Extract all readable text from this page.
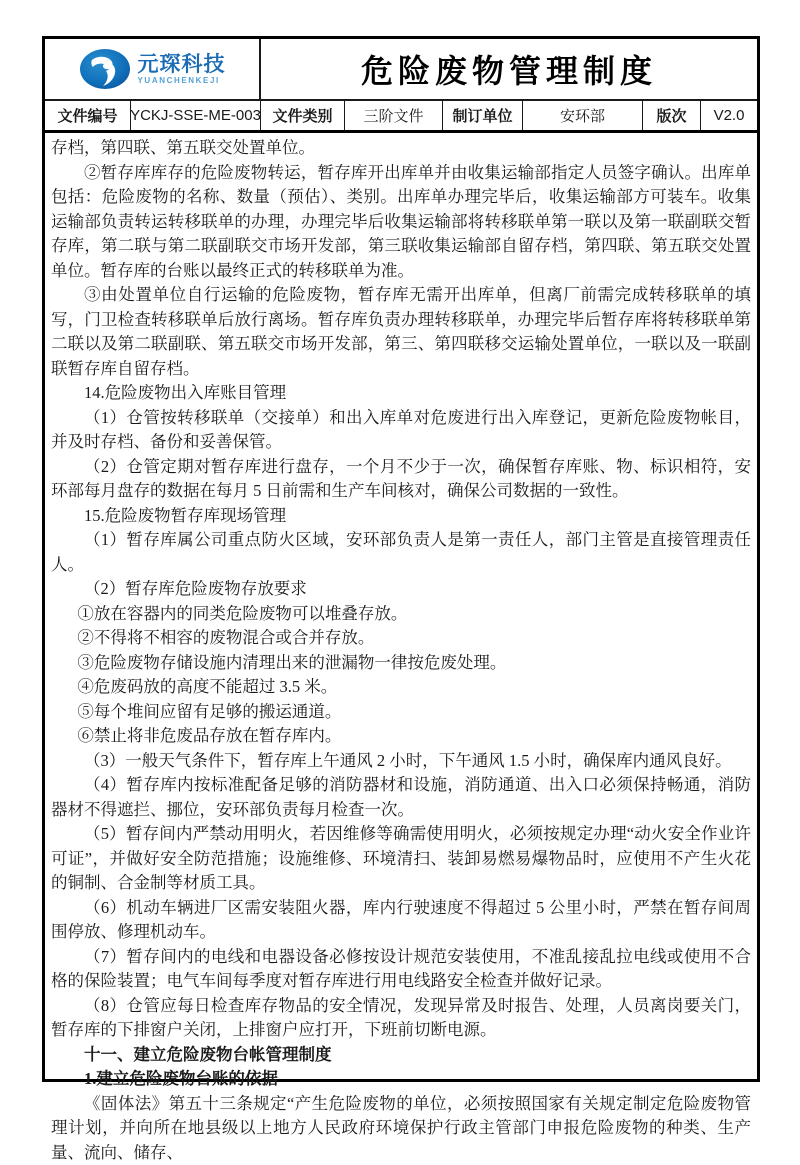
元琛科技
YUANCHENKEJI	危险废物管理制度
文件编号 YCKJ-SSE-ME-003 文件类别	三阶文件	制订单位	安环部	版次	V2.0

存档，第四联、第五联交处置单位。

②暂存库库存的危险废物转运，暂存库开出库单并由收集运输部指定人员签字确认。出库单包括：危险废物的名称、数量（预估）、类别。出库单办理完毕后，收集运输部方可装车。收集运输部负责转运转移联单的办理，办理完毕后收集运输部将转移联单第一联以及第一联副联交暂存库，第二联与第二联副联交市场开发部，第三联收集运输部自留存档，第四联、第五联交处置单位。暂存库的台账以最终正式的转移联单为准。

③由处置单位自行运输的危险废物，暂存库无需开出库单，但离厂前需完成转移联单的填写，门卫检查转移联单后放行离场。暂存库负责办理转移联单，办理完毕后暂存库将转移联单第二联以及第二联副联、第五联交市场开发部，第三、第四联移交运输处置单位，一联以及一联副联暂存库自留存档。

14.危险废物出入库账目管理

（1）仓管按转移联单（交接单）和出入库单对危废进行出入库登记，更新危险废物帐目，并及时存档、备份和妥善保管。

（2）仓管定期对暂存库进行盘存，一个月不少于一次，确保暂存库账、物、标识相符，安环部每月盘存的数据在每月 5 日前需和生产车间核对，确保公司数据的一致性。

15.危险废物暂存库现场管理

（1）暂存库属公司重点防火区域，安环部负责人是第一责任人，部门主管是直接管理责任人。

（2）暂存库危险废物存放要求

①放在容器内的同类危险废物可以堆叠存放。

②不得将不相容的废物混合或合并存放。

③危险废物存储设施内清理出来的泄漏物一律按危废处理。

④危废码放的高度不能超过 3.5 米。

⑤每个堆间应留有足够的搬运通道。

⑥禁止将非危废品存放在暂存库内。

（3）一般天气条件下，暂存库上午通风 2 小时，下午通风 1.5 小时，确保库内通风良好。

（4）暂存库内按标准配备足够的消防器材和设施，消防通道、出入口必须保持畅通，消防器材不得遮拦、挪位，安环部负责每月检查一次。

（5）暂存间内严禁动用明火，若因维修等确需使用明火，必须按规定办理“动火安全作业许可证”，并做好安全防范措施；设施维修、环境清扫、装卸易燃易爆物品时，应使用不产生火花的铜制、合金制等材质工具。

（6）机动车辆进厂区需安装阻火器，库内行驶速度不得超过 5 公里小时，严禁在暂存间周围停放、修理机动车。

（7）暂存间内的电线和电器设备必修按设计规范安装使用，不准乱接乱拉电线或使用不合格的保险装置；电气车间每季度对暂存库进行用电线路安全检查并做好记录。

（8）仓管应每日检查库存物品的安全情况，发现异常及时报告、处理，人员离岗要关门，暂存库的下排窗户关闭，上排窗户应打开，下班前切断电源。

十一、建立危险废物台帐管理制度

1.建立危险废物台账的依据

《固体法》第五十三条规定“产生危险废物的单位，必须按照国家有关规定制定危险废物管理计划，并向所在地县级以上地方人民政府环境保护行政主管部门申报危险废物的种类、生产量、流向、储存、
